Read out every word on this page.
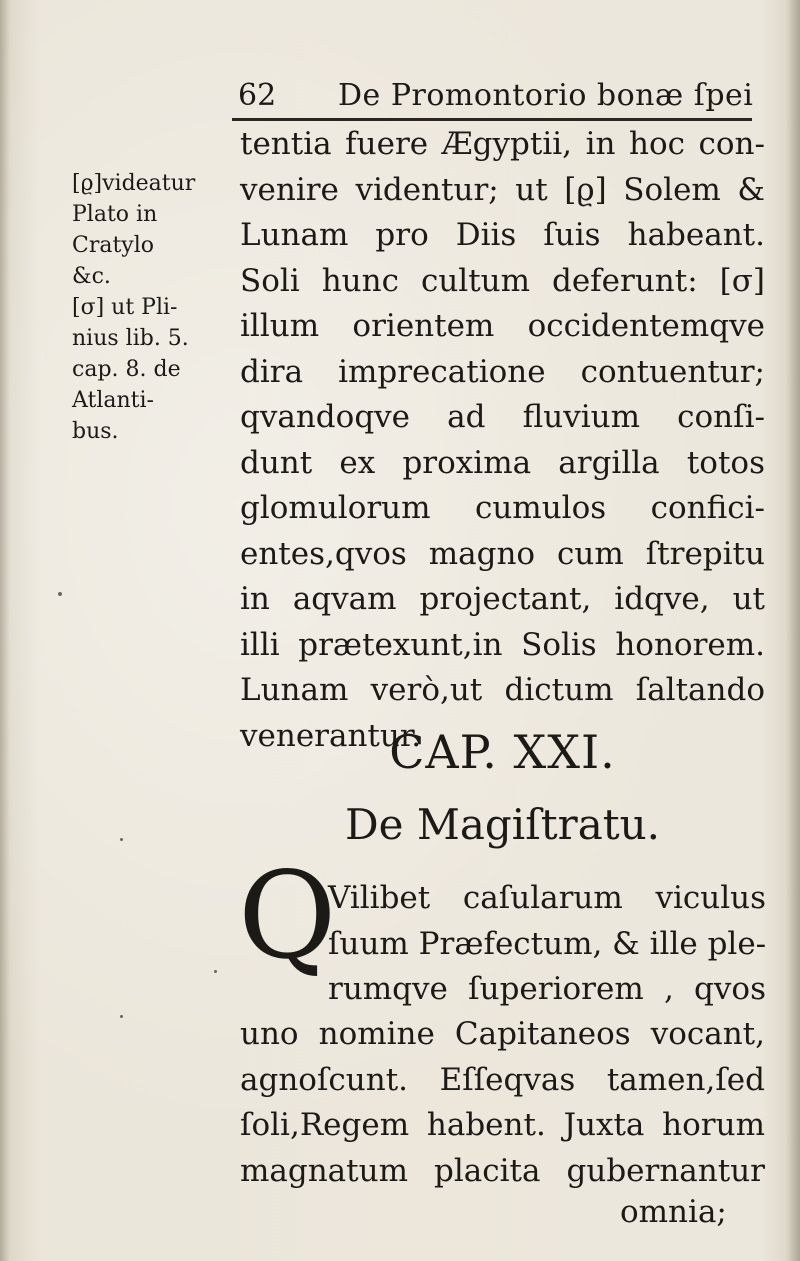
62 De Promontorio bonæ ſpei
[ϱ]videatur
Plato in
Cratylo
&c.
[σ] ut Pli-
nius lib. 5.
cap. 8. de
Atlanti-
bus.
tentia fuere Ægyptii, in hoc con-
venire videntur; ut [ϱ] Solem &
Lunam pro Diis ſuis habeant.
Soli hunc cultum deferunt: [σ]
illum orientem occidentemqve
dira imprecatione contuentur;
qvandoqve ad fluvium conſi-
dunt ex proxima argilla totos
glomulorum cumulos confici-
entes,qvos magno cum ſtrepitu
in aqvam projectant, idqve, ut
illi prætexunt,in Solis honorem.
Lunam verò,ut dictum ſaltando
venerantur.
CAP. XXI.
De Magiſtratu.
Q
Vilibet caſularum viculus
ſuum Præfectum, & ille ple-
rumqve ſuperiorem , qvos
uno nomine Capitaneos vocant,
agnoſcunt. Eſſeqvas tamen,ſed
ſoli,Regem habent. Juxta horum
magnatum placita gubernantur
omnia;
